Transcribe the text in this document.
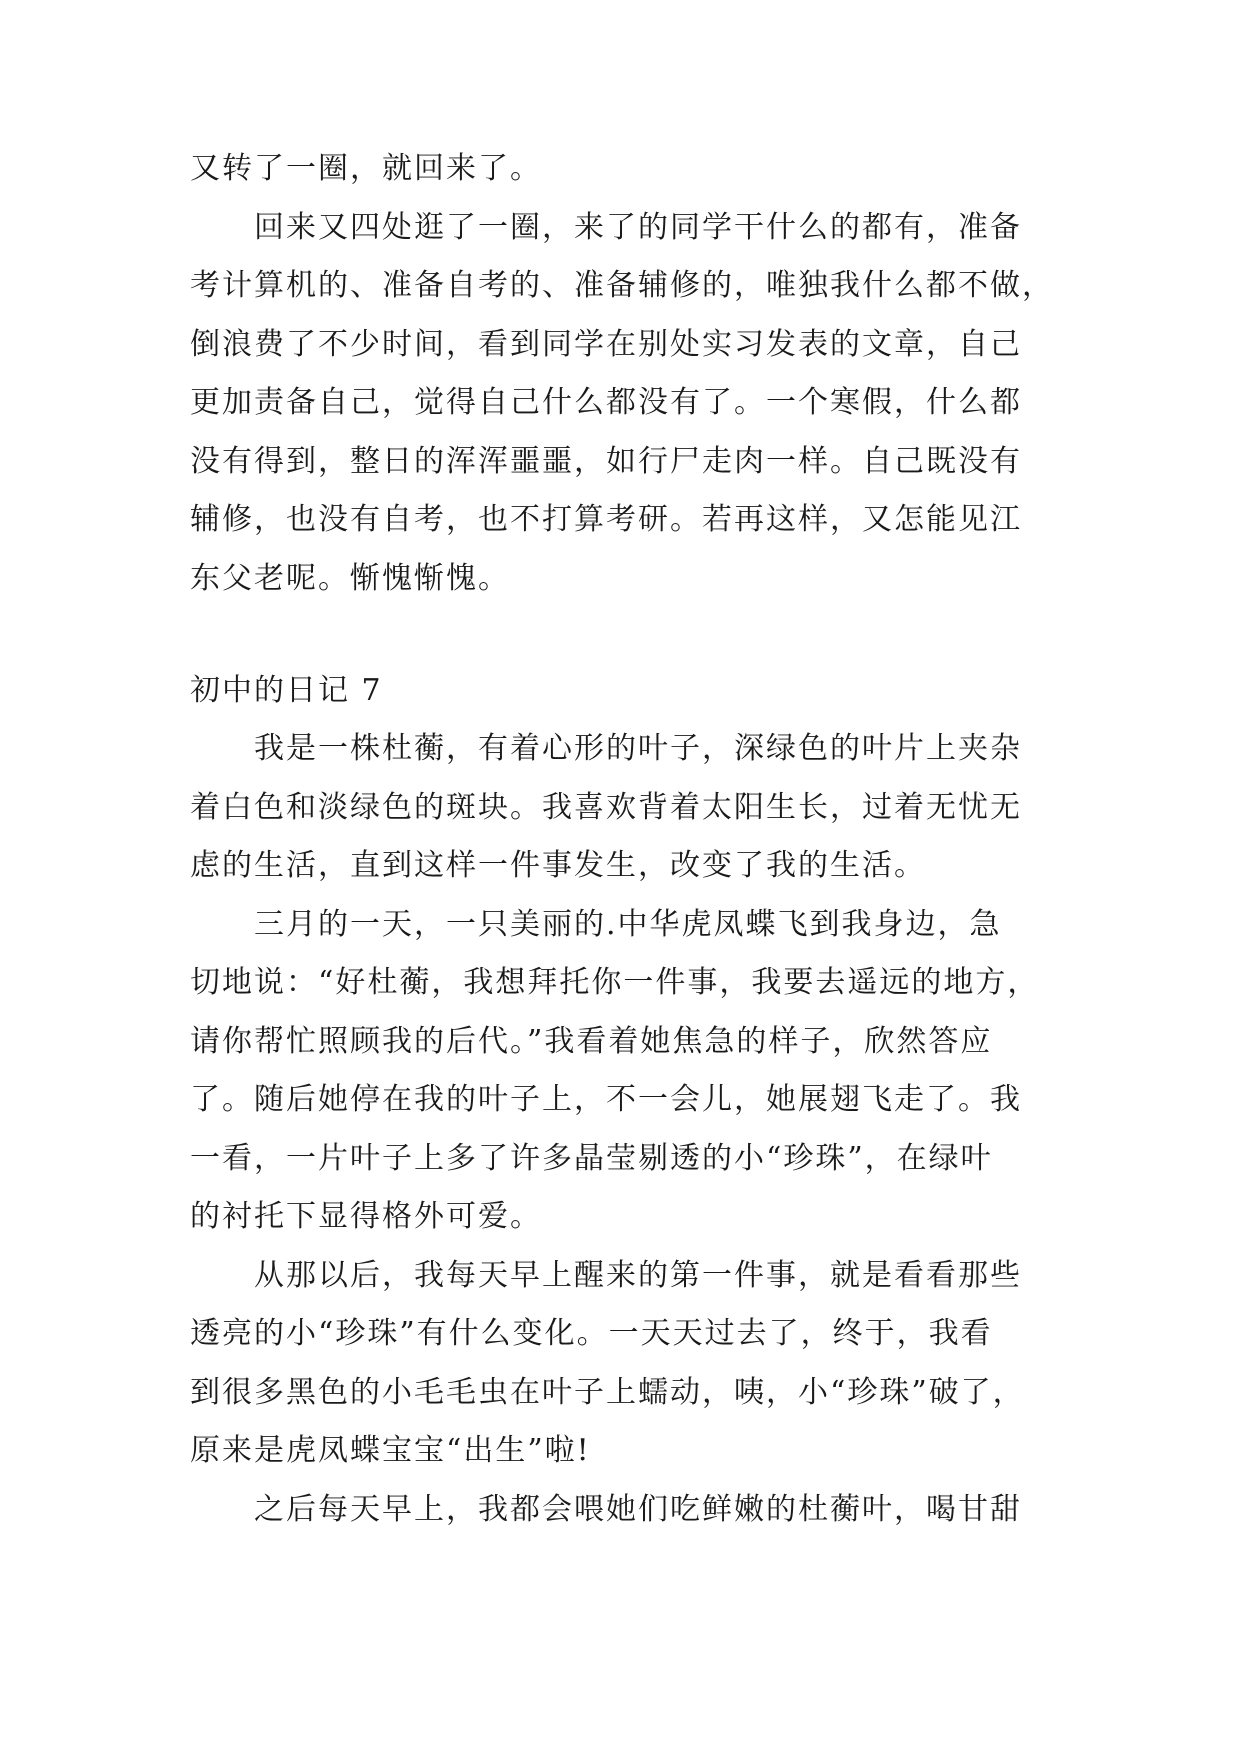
又转了一圈，就回来了。

　　回来又四处逛了一圈，来了的同学干什么的都有，准备
考计算机的、准备自考的、准备辅修的，唯独我什么都不做，
倒浪费了不少时间，看到同学在别处实习发表的文章，自己
更加责备自己，觉得自己什么都没有了。一个寒假，什么都
没有得到，整日的浑浑噩噩，如行尸走肉一样。自己既没有
辅修，也没有自考，也不打算考研。若再这样，又怎能见江
东父老呢。惭愧惭愧。

初中的日记 7

　　我是一株杜蘅，有着心形的叶子，深绿色的叶片上夹杂
着白色和淡绿色的斑块。我喜欢背着太阳生长，过着无忧无
虑的生活，直到这样一件事发生，改变了我的生活。

　　三月的一天，一只美丽的.中华虎凤蝶飞到我身边，急
切地说：“好杜蘅，我想拜托你一件事，我要去遥远的地方，
请你帮忙照顾我的后代。”我看着她焦急的样子，欣然答应
了。随后她停在我的叶子上，不一会儿，她展翅飞走了。我
一看，一片叶子上多了许多晶莹剔透的小“珍珠”，在绿叶
的衬托下显得格外可爱。

　　从那以后，我每天早上醒来的第一件事，就是看看那些
透亮的小“珍珠”有什么变化。一天天过去了，终于，我看
到很多黑色的小毛毛虫在叶子上蠕动，咦，小“珍珠”破了，
原来是虎凤蝶宝宝“出生”啦!

　　之后每天早上，我都会喂她们吃鲜嫩的杜蘅叶，喝甘甜
